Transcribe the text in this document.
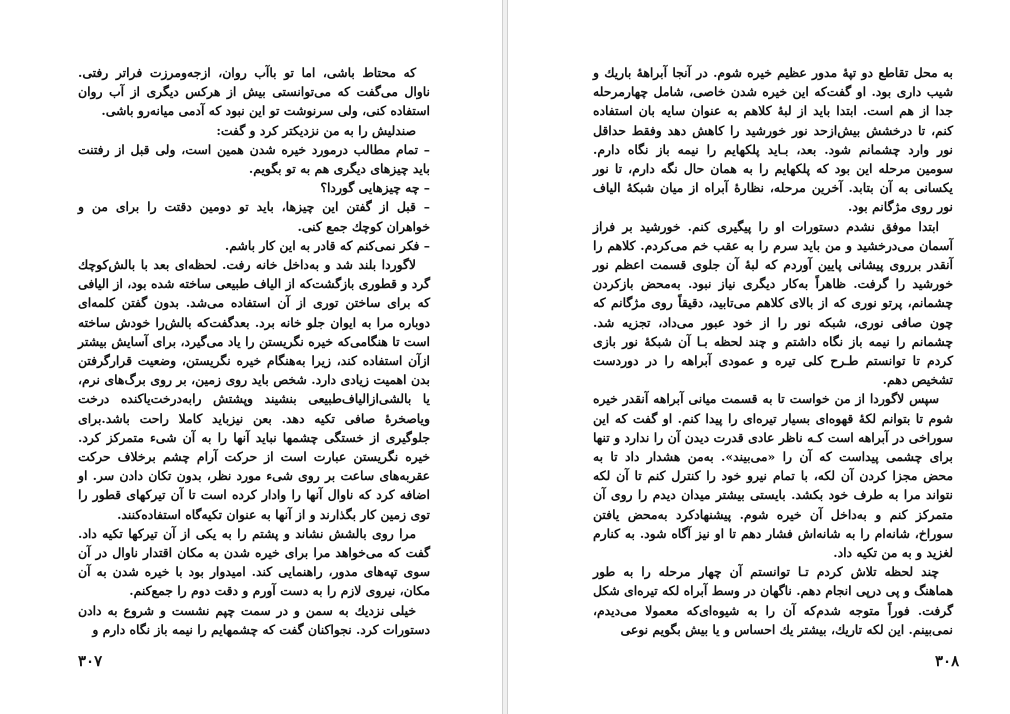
که محتاط باشی، اما تو باآب روان، ازجه‌ومرزت فراتر رفتی. ناوال می‌گفت که می‌توانستی بیش از هرکس دیگری از آب روان استفاده کنی، ولی سرنوشت تو این نبود که آدمی میانه‌رو باشی.

صندلیش را به من نزدیکتر کرد و گفت:

– تمام مطالب درمورد خیره شدن همین است، ولی قبل از رفتنت باید چیزهای دیگری هم به تو بگویم.

– چه چیزهایی گوردا؟

– قبل از گفتن این چیزها، باید تو دومین دقتت را برای من و خواهران کوچك جمع کنی.

– فکر نمی‌کنم که قادر به این کار باشم.

لاگوردا بلند شد و به‌داخل خانه رفت. لحظه‌ای بعد با بالش‌کوچك گرد و قطوری بازگشت‌که از الیاف طبیعی ساخته شده بود، از الیافی که برای ساختن توری از آن استفاده می‌شد. بدون گفتن کلمه‌ای دوباره مرا به ایوان جلو خانه برد. بعدگفت‌که بالش‌را خودش ساخته است تا هنگامی‌که خیره نگریستن را یاد می‌گیرد، برای آسایش بیشتر ازآن استفاده کند، زیرا به‌هنگام خیره نگریستن، وضعیت قرارگرفتن بدن اهمیت زیادی دارد. شخص باید روی زمین، بر روی برگ‌های نرم، یا بالشی‌ازالیاف‌طبیعی بنشیند وپشتش رابه‌درخت‌یاکنده درخت ویاصخرهٔ صافی تکیه دهد. بعن نیزباید کاملا راحت باشد.برای جلوگیری از خستگی چشمها نباید آنها را به آن شیء متمرکز کرد. خیره نگریستن عبارت است از حرکت آرام چشم برخلاف حرکت عقربه‌های ساعت بر روی شیء مورد نظر، بدون تکان دادن سر. او اضافه کرد که ناوال آنها را وادار کرده است تا آن تیرکهای قطور را توی زمین کار بگذارند و از آنها به عنوان تکیه‌گاه استفاده‌کنند.

مرا روی بالشش نشاند و پشتم را به یکی از آن تیرکها تکیه داد. گفت که می‌خواهد مرا برای خیره شدن به مکان اقتدار ناوال در آن سوی تپه‌های مدور، راهنمایی کند. امیدوار بود با خیره شدن به آن مکان، نیروی لازم را به دست آورم و دقت دوم را جمع‌کنم.

خیلی نزدیك به سمن و در سمت چپم نشست و شروع به دادن دستورات کرد. نجواکنان گفت که چشمهایم را نیمه باز نگاه دارم و

۳۰۷

به محل تقاطع دو تپهٔ مدور عظیم خیره شوم. در آنجا آبراههٔ باریك و شیب داری بود. او گفت‌که این خیره شدن خاصی، شامل چهارمرحله جدا از هم است. ابتدا باید از لبهٔ کلاهم به عنوان سایه بان استفاده کنم، تا درخشش بیش‌ازحد نور خورشید را کاهش دهد وفقط حداقل نور وارد چشمانم شود. بعد، بـاید پلکهایم را نیمه باز نگاه دارم. سومین مرحله این بود که پلکهایم را به همان حال نگه دارم، تا نور یکسانی به آن بتابد. آخرین مرحله، نظارهٔ آبراه از میان شبکهٔ الیاف نور روی مژگانم بود.

ابتدا موفق نشدم دستورات او را پیگیری کنم. خورشید بر فراز آسمان می‌درخشید و من باید سرم را به عقب خم می‌کردم. کلاهم را آنقدر برروی پیشانی پایین آوردم که لبهٔ آن جلوی قسمت اعظم نور خورشید را گرفت. ظاهراً به‌کار دیگری نیاز نبود. به‌محض بازکردن چشمانم، پرتو نوری که از بالای کلاهم می‌تابید، دقیقاً روی مژگانم که چون صافی نوری، شبکه نور را از خود عبور می‌داد، تجزیه شد. چشمانم را نیمه باز نگاه داشتم و چند لحظه بـا آن شبکهٔ نور بازی کردم تا توانستم طـرح کلی تیره و عمودی آبراهه را در دوردست تشخیص دهم.

سپس لاگوردا از من خواست تا به قسمت میانی آبراهه آنقدر خیره شوم تا بتوانم لکهٔ قهوه‌ای بسیار تیره‌ای را پیدا کنم. او گفت که این سوراخی در آبراهه است کـه ناظر عادی قدرت دیدن آن را ندارد و تنها برای چشمی پیداست که آن را «می‌بیند». به‌من هشدار داد تا به محض مجزا کردن آن لکه، با تمام نیرو خود را کنترل کنم تا آن لکه نتواند مرا به طرف خود بکشد. بایستی بیشتر میدان دیدم را روی آن متمرکز کنم و به‌داخل آن خیره شوم. پیشنهادکرد به‌محض یافتن سوراخ، شانه‌ام را به شانه‌اش فشار دهم تا او نیز آگاه شود. به کنارم لغزید و به من تکیه داد.

چند لحظه تلاش کردم تـا توانستم آن چهار مرحله را به طور هماهنگ و پی درپی انجام دهم. ناگهان در وسط آبراه لکه تیره‌ای شکل گرفت. فوراً متوجه شدم‌که آن را به شیوه‌ای‌که معمولا می‌دیدم، نمی‌بینم. این لکه تاریك، بیشتر یك احساس و یا بیش بگویم نوعی

۳۰۸
